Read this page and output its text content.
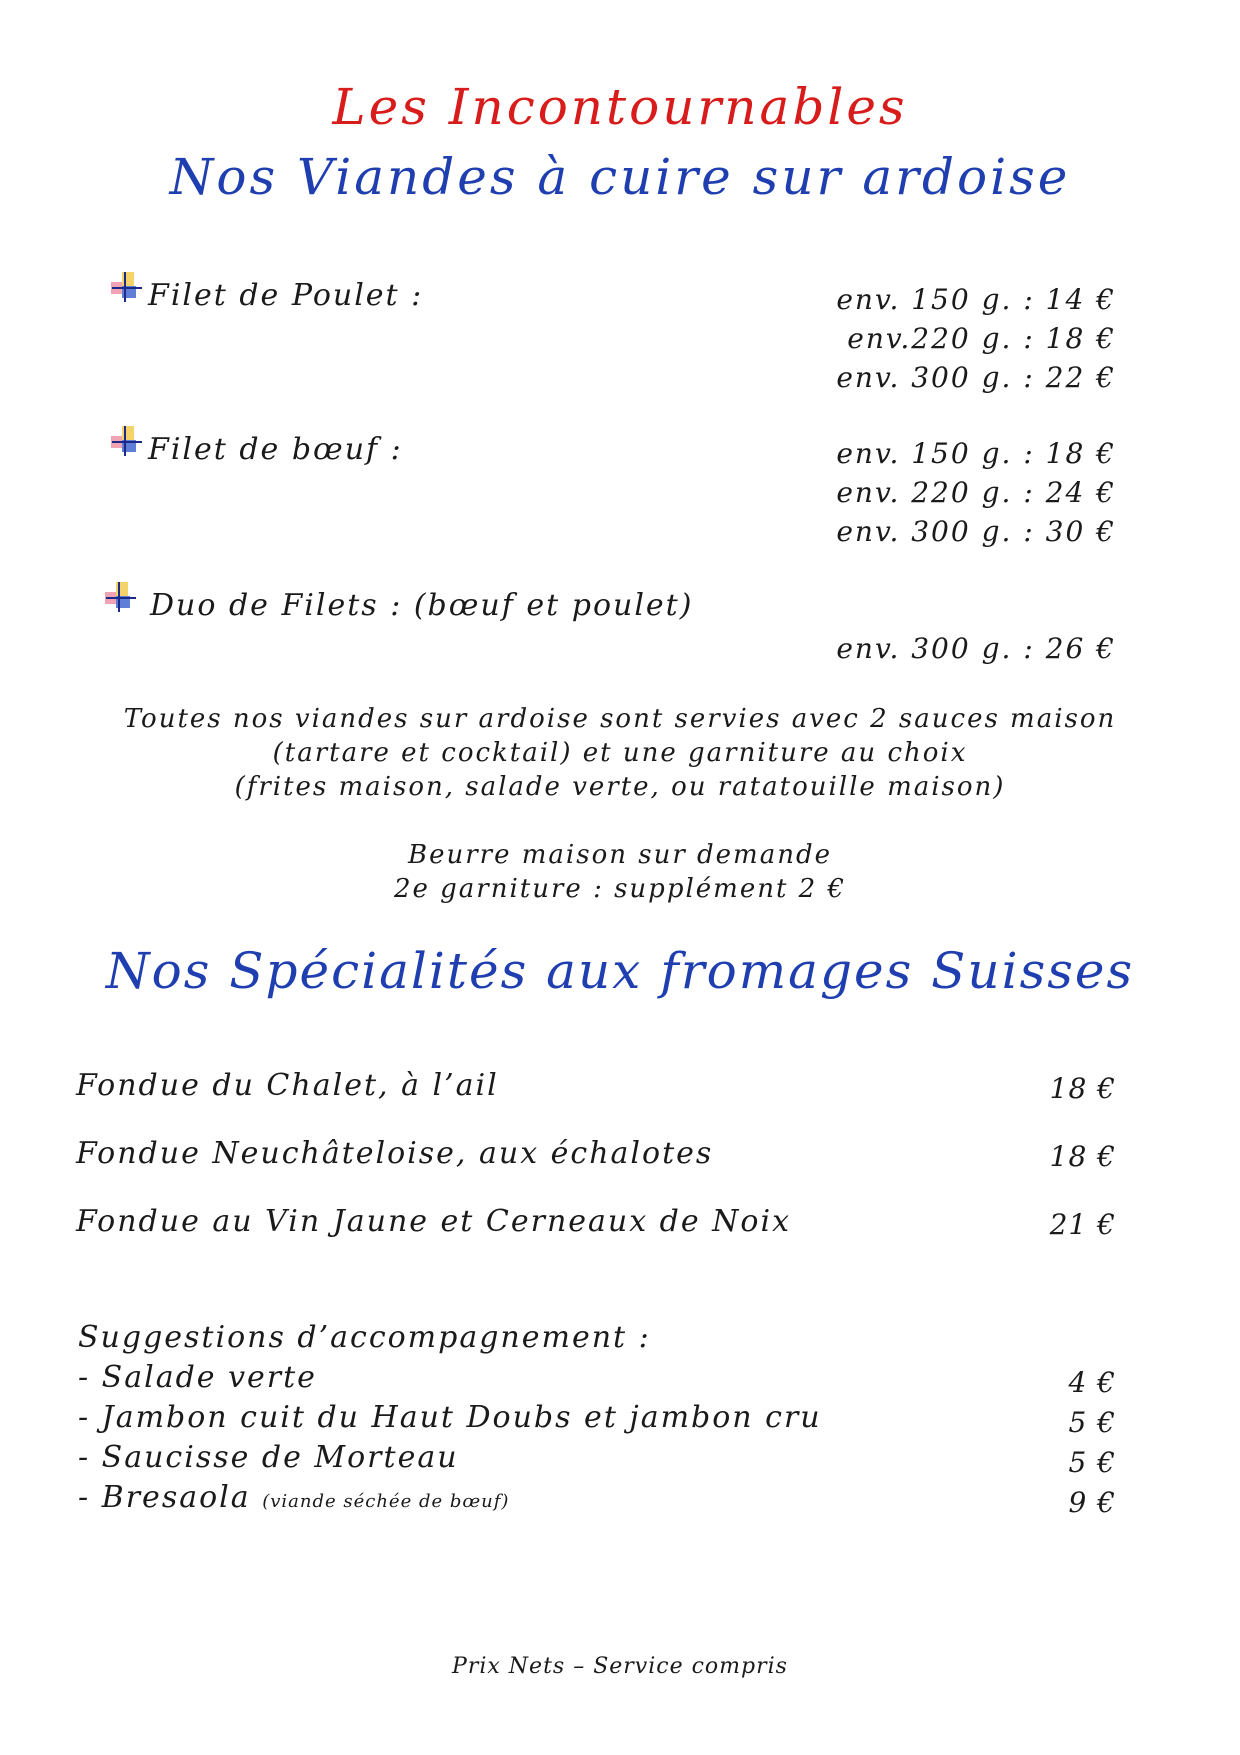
Les Incontournables
Nos Viandes à cuire sur ardoise
Filet de Poulet :	env. 150 g. : 14 €
env.220 g. : 18 €
env. 300 g. : 22 €
Filet de bœuf :	env. 150 g. : 18 €
env. 220 g. : 24 €
env. 300 g. : 30 €
Duo de Filets : (bœuf et poulet)
env. 300 g. : 26 €
Toutes nos viandes sur ardoise sont servies avec 2 sauces maison
(tartare et cocktail) et une garniture au choix
(frites maison, salade verte, ou ratatouille maison)
Beurre maison sur demande
2e garniture : supplément 2 €
Nos Spécialités aux fromages Suisses
Fondue du Chalet, à l’ail	18 €
Fondue Neuchâteloise, aux échalotes	18 €
Fondue au Vin Jaune et Cerneaux de Noix	21 €
Suggestions d’accompagnement :
- Salade verte	4 €
- Jambon cuit du Haut Doubs et jambon cru	5 €
- Saucisse de Morteau	5 €
- Bresaola (viande séchée de bœuf)	9 €
Prix Nets – Service compris
